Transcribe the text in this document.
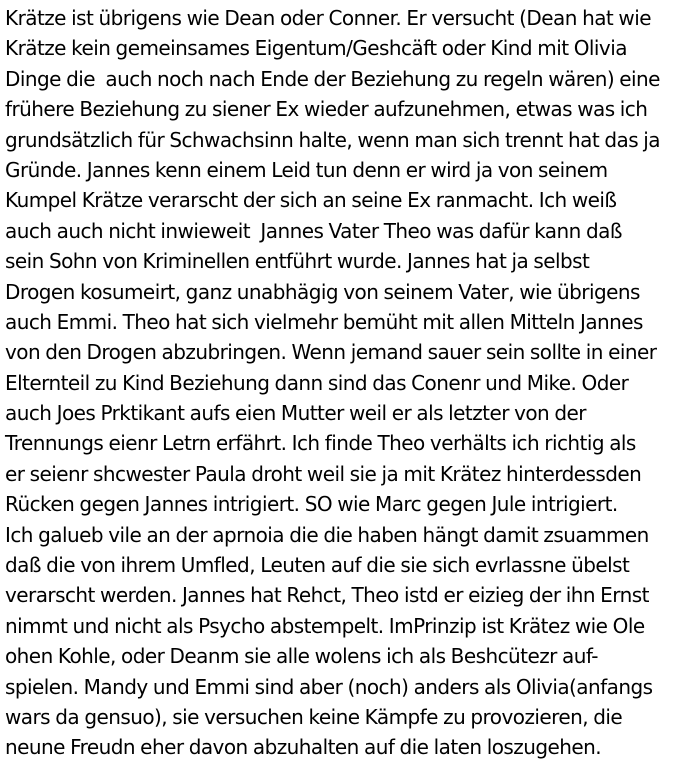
Krätze ist übrigens wie Dean oder Conner. Er versucht (Dean hat wie
Krätze kein gemeinsames Eigentum/Geshcäft oder Kind mit Olivia
Dinge die  auch noch nach Ende der Beziehung zu regeln wären) eine
frühere Beziehung zu siener Ex wieder aufzunehmen, etwas was ich
grundsätzlich für Schwachsinn halte, wenn man sich trennt hat das ja
Gründe. Jannes kenn einem Leid tun denn er wird ja von seinem
Kumpel Krätze verarscht der sich an seine Ex ranmacht. Ich weiß
auch auch nicht inwieweit  Jannes Vater Theo was dafür kann daß
sein Sohn von Kriminellen entführt wurde. Jannes hat ja selbst
Drogen kosumeirt, ganz unabhägig von seinem Vater, wie übrigens
auch Emmi. Theo hat sich vielmehr bemüht mit allen Mitteln Jannes
von den Drogen abzubringen. Wenn jemand sauer sein sollte in einer
Elternteil zu Kind Beziehung dann sind das Conenr und Mike. Oder
auch Joes Prktikant aufs eien Mutter weil er als letzter von der
Trennungs eienr Letrn erfährt. Ich finde Theo verhälts ich richtig als
er seienr shcwester Paula droht weil sie ja mit Krätez hinterdessden
Rücken gegen Jannes intrigiert. SO wie Marc gegen Jule intrigiert.
Ich galueb vile an der aprnoia die die haben hängt damit zsuammen
daß die von ihrem Umfled, Leuten auf die sie sich evrlassne übelst
verarscht werden. Jannes hat Rehct, Theo istd er eizieg der ihn Ernst
nimmt und nicht als Psycho abstempelt. ImPrinzip ist Krätez wie Ole
ohen Kohle, oder Deanm sie alle wolens ich als Beshcütezr auf-
spielen. Mandy und Emmi sind aber (noch) anders als Olivia(anfangs
wars da gensuo), sie versuchen keine Kämpfe zu provozieren, die
neune Freudn eher davon abzuhalten auf die laten loszugehen.
